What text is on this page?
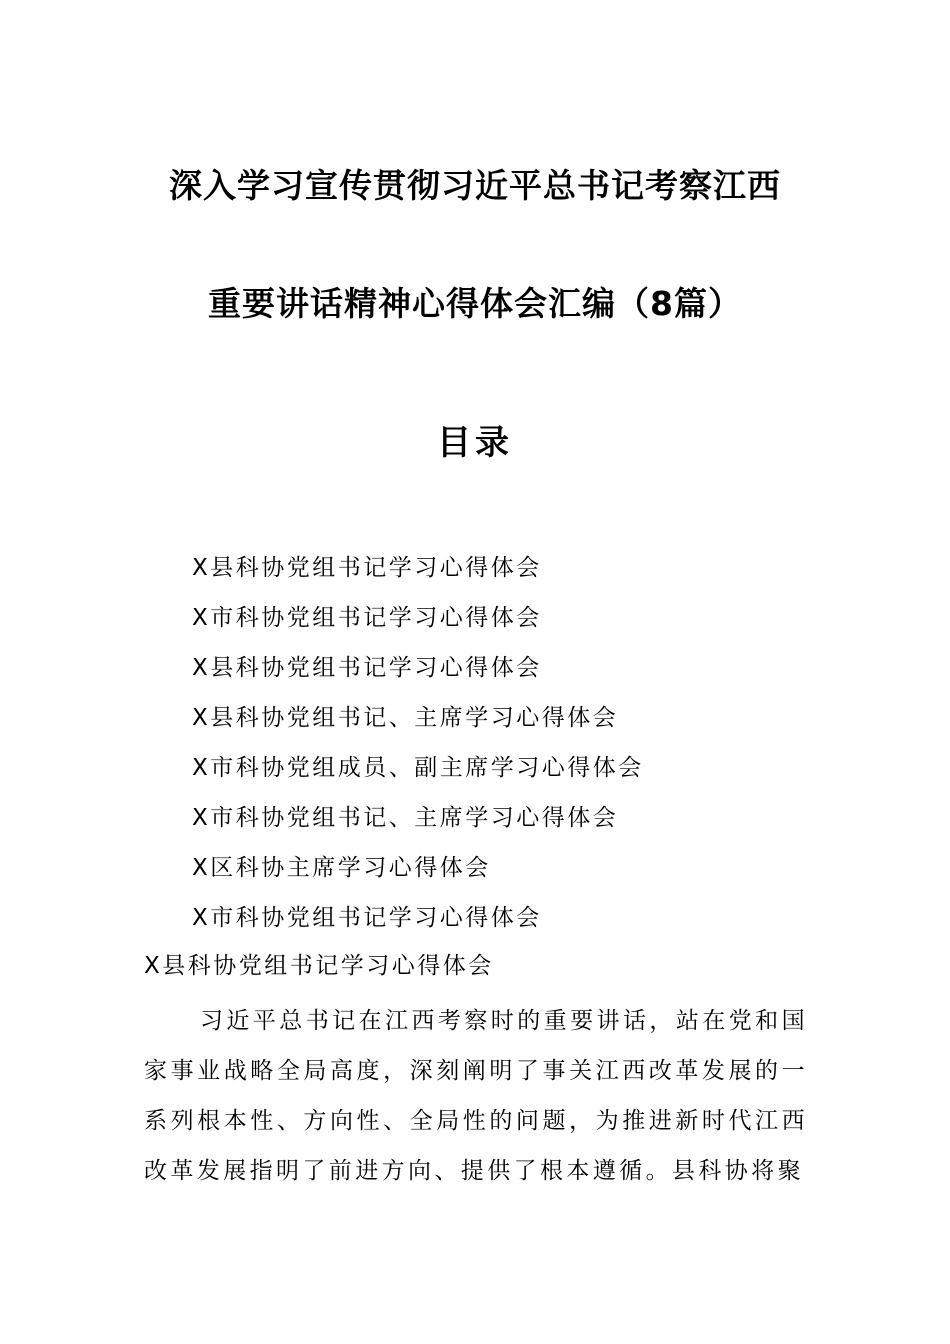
深入学习宣传贯彻习近平总书记考察江西
重要讲话精神心得体会汇编（8篇）
目录
X县科协党组书记学习心得体会
X市科协党组书记学习心得体会
X县科协党组书记学习心得体会
X县科协党组书记、主席学习心得体会
X市科协党组成员、副主席学习心得体会
X市科协党组书记、主席学习心得体会
X区科协主席学习心得体会
X市科协党组书记学习心得体会
X县科协党组书记学习心得体会

习近平总书记在江西考察时的重要讲话，站在党和国家事业战略全局高度，深刻阐明了事关江西改革发展的一系列根本性、方向性、全局性的问题，为推进新时代江西改革发展指明了前进方向、提供了根本遵循。县科协将聚
